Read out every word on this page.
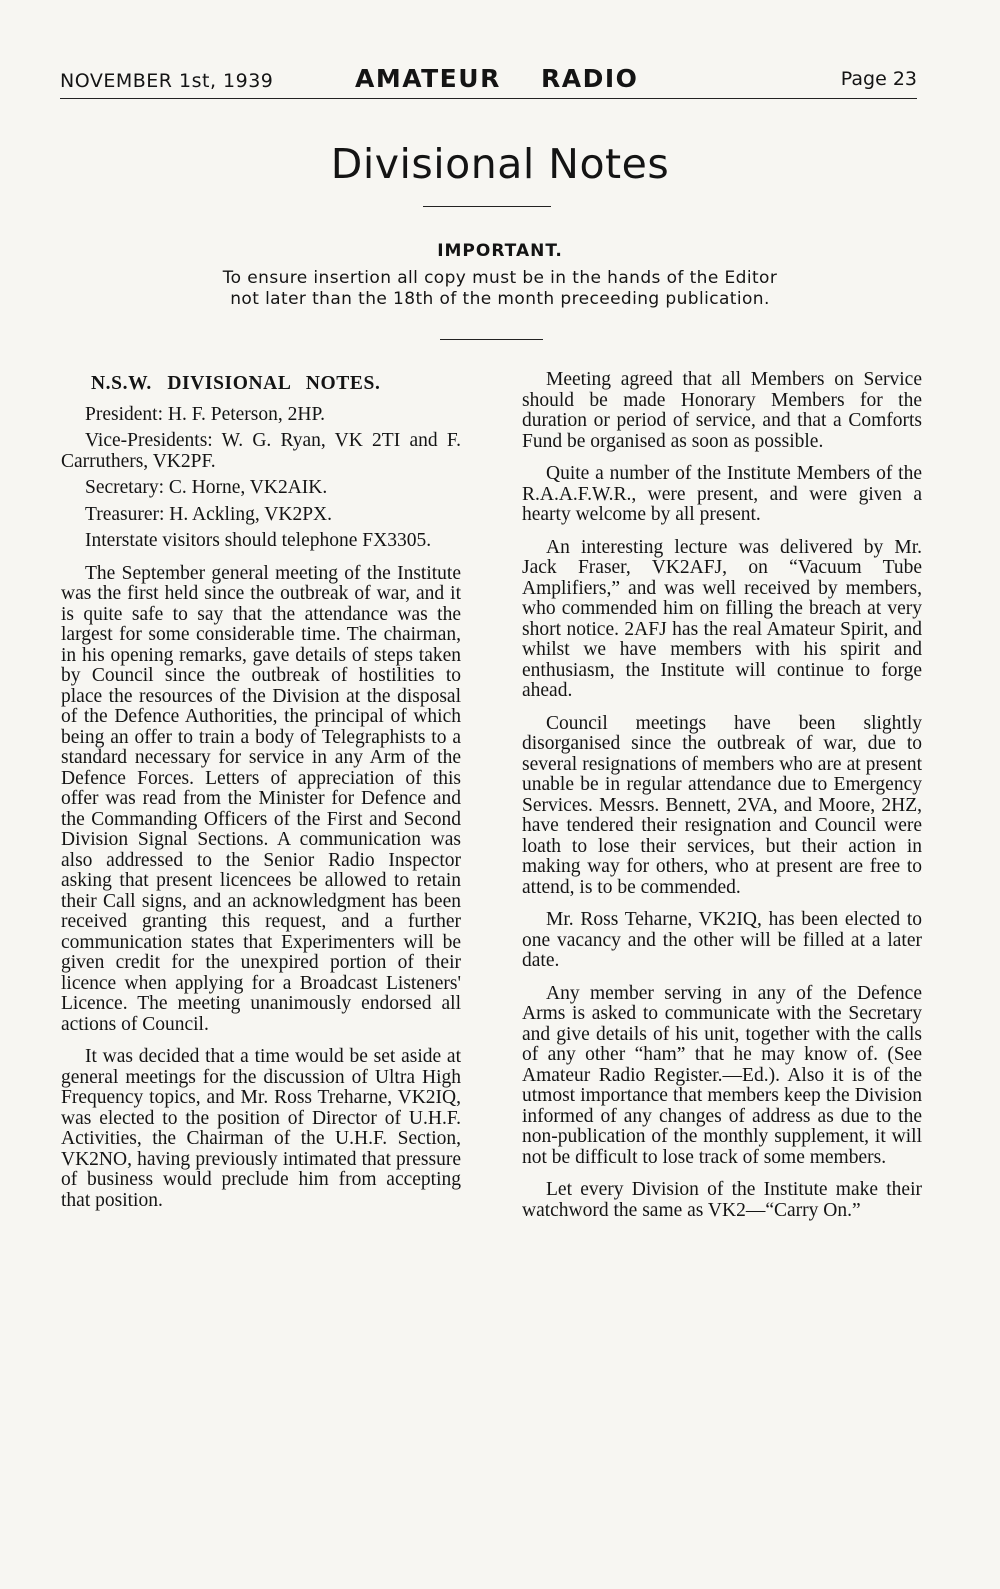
NOVEMBER 1st, 1939	AMATEUR RADIO	Page 23
Divisional Notes
IMPORTANT.
To ensure insertion all copy must be in the hands of the Editor
not later than the 18th of the month preceeding publication.
N.S.W. DIVISIONAL NOTES.

President: H. F. Peterson, 2HP.

Vice-Presidents: W. G. Ryan, VK 2TI and F. Carruthers, VK2PF.

Secretary: C. Horne, VK2AIK.

Treasurer: H. Ackling, VK2PX.

Interstate visitors should telephone FX3305.

The September general meeting of the Institute was the first held since the outbreak of war, and it is quite safe to say that the attendance was the largest for some considerable time. The chairman, in his opening remarks, gave details of steps taken by Council since the outbreak of hostilities to place the resources of the Division at the disposal of the Defence Authorities, the principal of which being an offer to train a body of Telegraphists to a standard necessary for service in any Arm of the Defence Forces. Letters of appreciation of this offer was read from the Minister for Defence and the Commanding Officers of the First and Second Division Signal Sections. A communication was also addressed to the Senior Radio Inspector asking that present licencees be allowed to retain their Call signs, and an acknowledgment has been received granting this request, and a further communication states that Experimenters will be given credit for the unexpired portion of their licence when applying for a Broadcast Listeners' Licence. The meeting unanimously endorsed all actions of Council.

It was decided that a time would be set aside at general meetings for the discussion of Ultra High Frequency topics, and Mr. Ross Treharne, VK2IQ, was elected to the position of Director of U.H.F. Activities, the Chairman of the U.H.F. Section, VK2NO, having previously intimated that pressure of business would preclude him from accepting that position.

Meeting agreed that all Members on Service should be made Honorary Members for the duration or period of service, and that a Comforts Fund be organised as soon as possible.

Quite a number of the Institute Members of the R.A.A.F.W.R., were present, and were given a hearty welcome by all present.

An interesting lecture was delivered by Mr. Jack Fraser, VK2AFJ, on “Vacuum Tube Amplifiers,” and was well received by members, who commended him on filling the breach at very short notice. 2AFJ has the real Amateur Spirit, and whilst we have members with his spirit and enthusiasm, the Institute will continue to forge ahead.

Council meetings have been slightly disorganised since the outbreak of war, due to several resignations of members who are at present unable be in regular attendance due to Emergency Services. Messrs. Bennett, 2VA, and Moore, 2HZ, have tendered their resignation and Council were loath to lose their services, but their action in making way for others, who at present are free to attend, is to be commended.

Mr. Ross Teharne, VK2IQ, has been elected to one vacancy and the other will be filled at a later date.

Any member serving in any of the Defence Arms is asked to communicate with the Secretary and give details of his unit, together with the calls of any other “ham” that he may know of. (See Amateur Radio Register.—Ed.). Also it is of the utmost importance that members keep the Division informed of any changes of address as due to the non-publication of the monthly supplement, it will not be difficult to lose track of some members.

Let every Division of the Institute make their watchword the same as VK2—“Carry On.”
